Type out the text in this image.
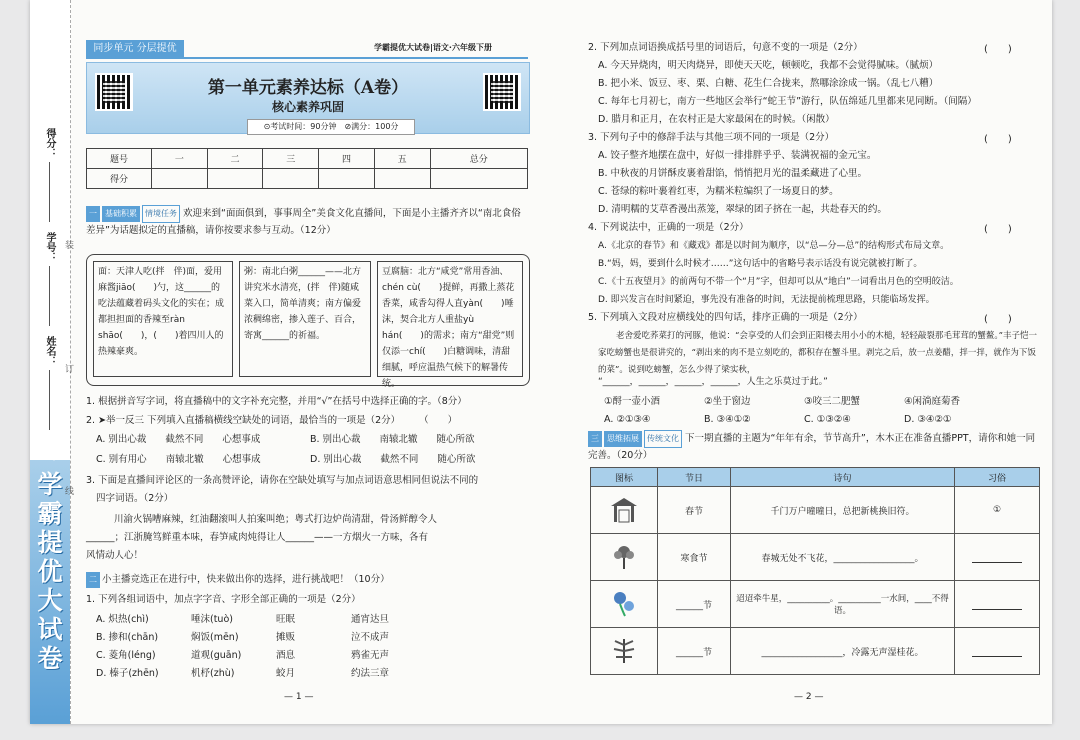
得分：
学号：
姓名：
班级：
学霸提优大试卷
装
订
线
同步单元 分层提优	学霸提优大试卷|语文·六年级下册
第一单元素养达标（A卷）
核心素养巩固
⊙考试时间：90分钟　⊘满分：100分
题号	一	二	三	四	五	总分
得分						
一 基础积累 情境任务 欢迎来到“面面俱到，事事周全”美食文化直播间，下面是小主播齐齐以“南北食俗差异”为话题拟定的直播稿，请你按要求参与互动。（12分）
面：天津人吃(拌　伴)面，爱用麻酱jiāo(　　)勺，这______的吃法蕴藏着码头文化的实在；成都担担面的香辣至ràn shāo(　　)，(　　)着四川人的热辣豪爽。
粥：南北白粥______——北方讲究米水清亮，(拌　伴)随咸菜入口，简单清爽；南方偏爱浓稠绵密，掺入莲子、百合，寄寓______的祈福。
豆腐脑：北方“咸党”常用香油、chén cù(　　)提鲜，再撒上蒸花香菜，咸香勾得人直yàn(　　)唾沫，契合北方人重盐yù hán(　　)的需求；南方“甜党”则仅添一chí(　　)白糖调味，清甜细腻，呼应温热气候下的解暑传统。
1. 根据拼音写字词，将直播稿中的文字补充完整，并用“√”在括号中选择正确的字。（8分）
2. ➤举一反三 下列填入直播稿横线空缺处的词语，最恰当的一项是（2分）　　　（　　）
A. 别出心裁　　截然不同　　心想事成	B. 别出心裁　　南辕北辙　　随心所欲
C. 别有用心　　南辕北辙　　心想事成	D. 别出心裁　　截然不同　　随心所欲
3. 下面是直播间评论区的一条高赞评论，请你在空缺处填写与加点词语意思相同但说法不同的
四字词语。（2分）
川渝火锅嘈麻辣，红油翻滚叫人拍案叫绝；粤式打边炉尚清甜，骨汤鲜醇令人
______；江浙腌笃鲜重本味，春笋咸肉炖得让人______——一方烟火一方味，各有
风情动人心！
二 小主播竞选正在进行中，快来做出你的选择，进行挑战吧！（10分）
1. 下列各组词语中，加点字字音、字形全部正确的一项是（2分）
A. 炽热(chì)	唾沫(tuò)	旺眠	通宵达旦
B. 掺和(chān)	焖饭(mēn)	摊贩	泣不成声
C. 菱角(léng)	道观(guān)	酒息	鸦雀无声
D. 榛子(zhēn)	机杼(zhù)	蛟月	约法三章
— 1 —
2. 下列加点词语换成括号里的词语后，句意不变的一项是（2分）	(　　)
A. 今天异烧肉，明天肉烧异，即使天天吃，顿顿吃，我都不会觉得腻味。（腻烦）
B. 把小米、饭豆、枣、栗、白糖、花生仁合拢来，熬哪涂涂成一锅。（乱七八糟）
C. 每年七月初七，南方一些地区会举行“蛇王节”游行，队伍绵延几里都来见同断。（间隔）
D. 腊月和正月，在农村正是大家最闲在的时候。（闲散）
3. 下列句子中的修辞手法与其他三项不同的一项是（2分）	(　　)
A. 饺子整齐地摆在盘中，好似一排排胖乎乎、装满祝福的金元宝。
B. 中秋夜的月饼酥皮裹着甜馅，悄悄把月光的温柔藏进了心里。
C. 苍绿的粽叶裹着红枣，为糯米粒编织了一场夏日的梦。
D. 清明糯的艾草香漫出蒸笼，翠绿的团子挤在一起，共赴春天的约。
4. 下列说法中，正确的一项是（2分）	(　　)
A.《北京的春节》和《藏戏》都是以时间为顺序，以“总—分—总”的结构形式布局文章。
B.“妈，妈，要到什么时候才……”这句话中的省略号表示话没有说完就被打断了。
C.《十五夜望月》的前两句不带一个“月”字，但却可以从“地白”一词看出月色的空明皎洁。
D. 即兴发言在时间紧迫，事先没有准备的时间，无法提前梳理思路，只能临场发挥。
5. 下列填入文段对应横线处的四句话，排序正确的一项是（2分）	(　　)
老舍爱吃荞菜打的河豚，他说：“会享受的人们会到正阳楼去用小小的木槌，轻轻敲裂那毛茸茸的蟹鳌。”丰子恺一家吃螃蟹也是很讲究的，“剥出来的肉不是立刻吃的，都积存在蟹斗里。剥完之后，放一点姜醋，拌一拌，就作为下饭的菜”。说到吃螃蟹，怎么少得了梁实秋，
“______，______，______，______，人生之乐莫过于此。”
①酹一壶小酒	②坐于窗边	③咬三二肥蟹	④闲淌庭菊香
A. ②①③④	B. ③④①②	C. ①③②④	D. ③④②①
三 思维拓展 传统文化 下一期直播的主题为“年年有余，节节高升”，木木正在准备直播PPT，请你和她一同完善。（20分）
图标	节日	诗句	习俗
	春节	千门万户曈曈日，总把新桃换旧符。	①
	寒食节	春城无处不飞花，__________________。	
	______节	迢迢牵牛星，__________。__________一水间，____不得语。	
	______节	__________________，冷露无声湿桂花。	
— 2 —
